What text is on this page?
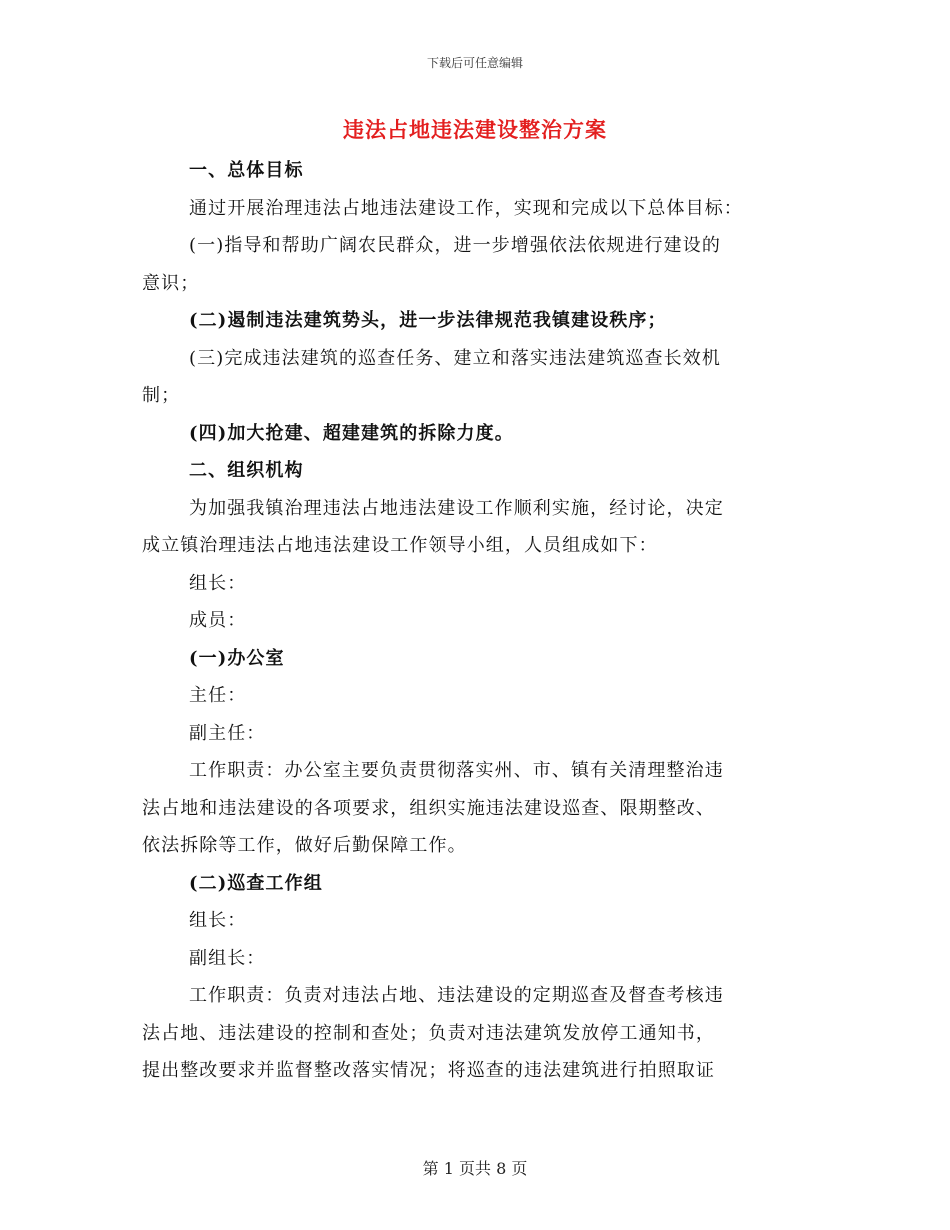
下载后可任意编辑
违法占地违法建设整治方案
一、总体目标
通过开展治理违法占地违法建设工作，实现和完成以下总体目标：
(一)指导和帮助广阔农民群众，进一步增强依法依规进行建设的
意识；
(二)遏制违法建筑势头，进一步法律规范我镇建设秩序；
(三)完成违法建筑的巡查任务、建立和落实违法建筑巡查长效机
制；
(四)加大抢建、超建建筑的拆除力度。
二、组织机构
为加强我镇治理违法占地违法建设工作顺利实施，经讨论，决定
成立镇治理违法占地违法建设工作领导小组，人员组成如下：
组长：
成员：
(一)办公室
主任：
副主任：
工作职责：办公室主要负责贯彻落实州、市、镇有关清理整治违
法占地和违法建设的各项要求，组织实施违法建设巡查、限期整改、
依法拆除等工作，做好后勤保障工作。
(二)巡查工作组
组长：
副组长：
工作职责：负责对违法占地、违法建设的定期巡查及督查考核违
法占地、违法建设的控制和查处；负责对违法建筑发放停工通知书，
提出整改要求并监督整改落实情况；将巡查的违法建筑进行拍照取证
第 1 页共 8 页
